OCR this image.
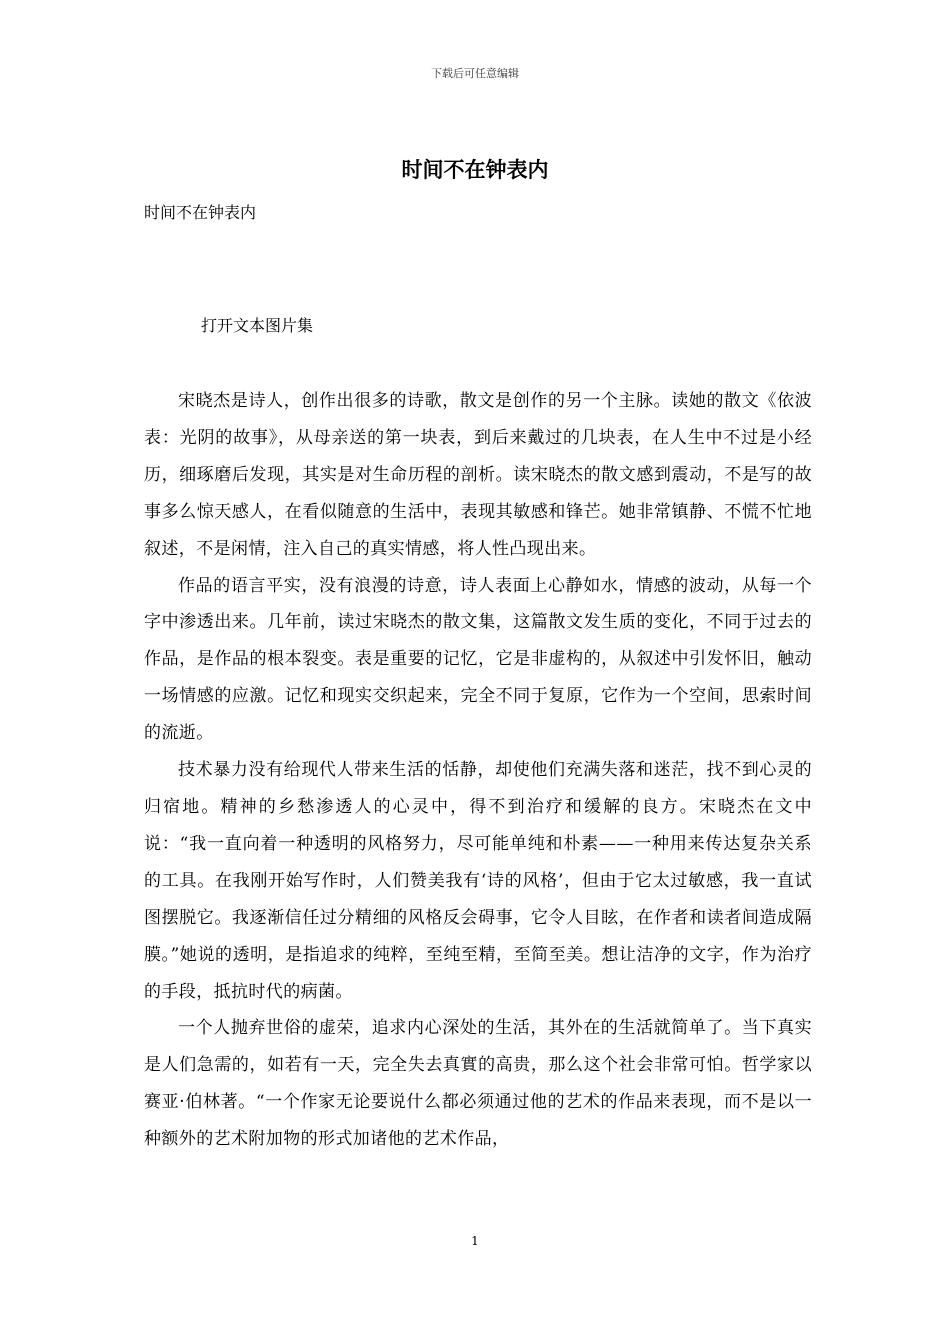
下载后可任意编辑
时间不在钟表内

时间不在钟表内

打开文本图片集

宋晓杰是诗人，创作出很多的诗歌，散文是创作的另一个主脉。读她的散文《依波表：光阴的故事》，从母亲送的第一块表，到后来戴过的几块表，在人生中不过是小经历，细琢磨后发现，其实是对生命历程的剖析。读宋晓杰的散文感到震动，不是写的故事多么惊天感人，在看似随意的生活中，表现其敏感和锋芒。她非常镇静、不慌不忙地叙述，不是闲情，注入自己的真实情感，将人性凸现出来。

作品的语言平实，没有浪漫的诗意，诗人表面上心静如水，情感的波动，从每一个字中渗透出来。几年前，读过宋晓杰的散文集，这篇散文发生质的变化，不同于过去的作品，是作品的根本裂变。表是重要的记忆，它是非虚构的，从叙述中引发怀旧，触动一场情感的应激。记忆和现实交织起来，完全不同于复原，它作为一个空间，思索时间的流逝。

技术暴力没有给现代人带来生活的恬静，却使他们充满失落和迷茫，找不到心灵的归宿地。精神的乡愁渗透人的心灵中，得不到治疗和缓解的良方。宋晓杰在文中说：“我一直向着一种透明的风格努力，尽可能单纯和朴素——一种用来传达复杂关系的工具。在我刚开始写作时，人们赞美我有‘诗的风格’，但由于它太过敏感，我一直试图摆脱它。我逐渐信任过分精细的风格反会碍事，它令人目眩，在作者和读者间造成隔膜。”她说的透明，是指追求的纯粹，至纯至精，至简至美。想让洁净的文字，作为治疗的手段，抵抗时代的病菌。

一个人抛弃世俗的虚荣，追求内心深处的生活，其外在的生活就简单了。当下真实是人们急需的，如若有一天，完全失去真實的高贵，那么这个社会非常可怕。哲学家以赛亚·伯林著。“一个作家无论要说什么都必须通过他的艺术的作品来表现，而不是以一种额外的艺术附加物的形式加诸他的艺术作品，

1
